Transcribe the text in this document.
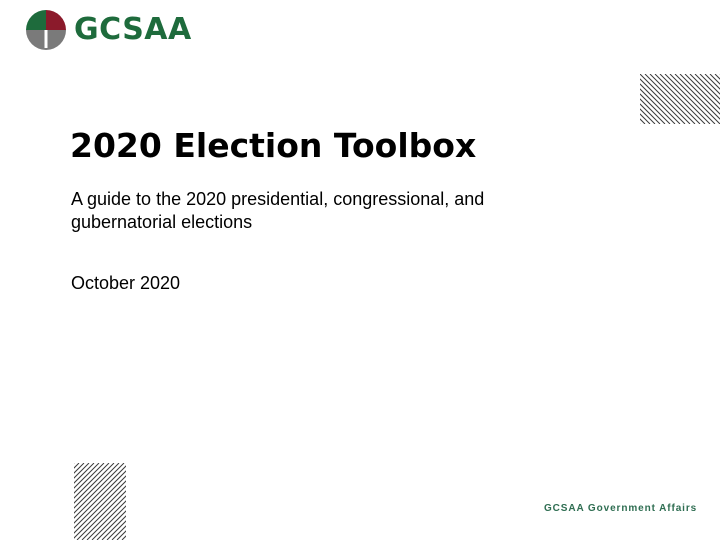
GCSAA
2020 Election Toolbox

A guide to the 2020 presidential, congressional, and gubernatorial elections

October 2020

GCSAA Government Affairs
